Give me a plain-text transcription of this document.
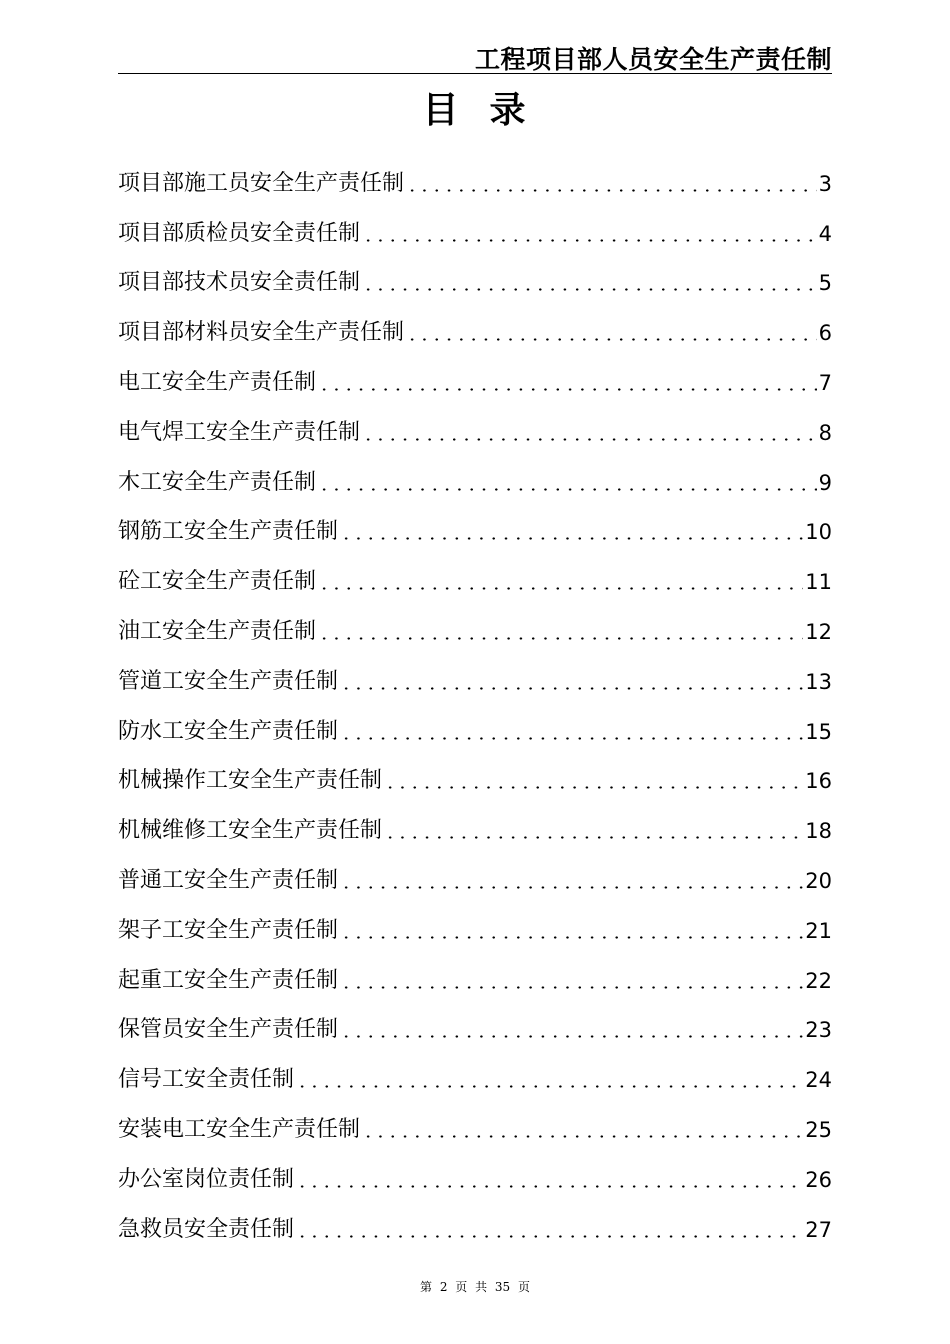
工程项目部人员安全生产责任制
目  录
项目部施工员安全生产责任制	3
项目部质检员安全责任制	4
项目部技术员安全责任制	5
项目部材料员安全生产责任制	6
电工安全生产责任制	7
电气焊工安全生产责任制	8
木工安全生产责任制	9
钢筋工安全生产责任制	10
砼工安全生产责任制	11
油工安全生产责任制	12
管道工安全生产责任制	13
防水工安全生产责任制	15
机械操作工安全生产责任制	16
机械维修工安全生产责任制	18
普通工安全生产责任制	20
架子工安全生产责任制	21
起重工安全生产责任制	22
保管员安全生产责任制	23
信号工安全责任制	24
安装电工安全生产责任制	25
办公室岗位责任制	26
急救员安全责任制	27
第 2 页 共 35 页
